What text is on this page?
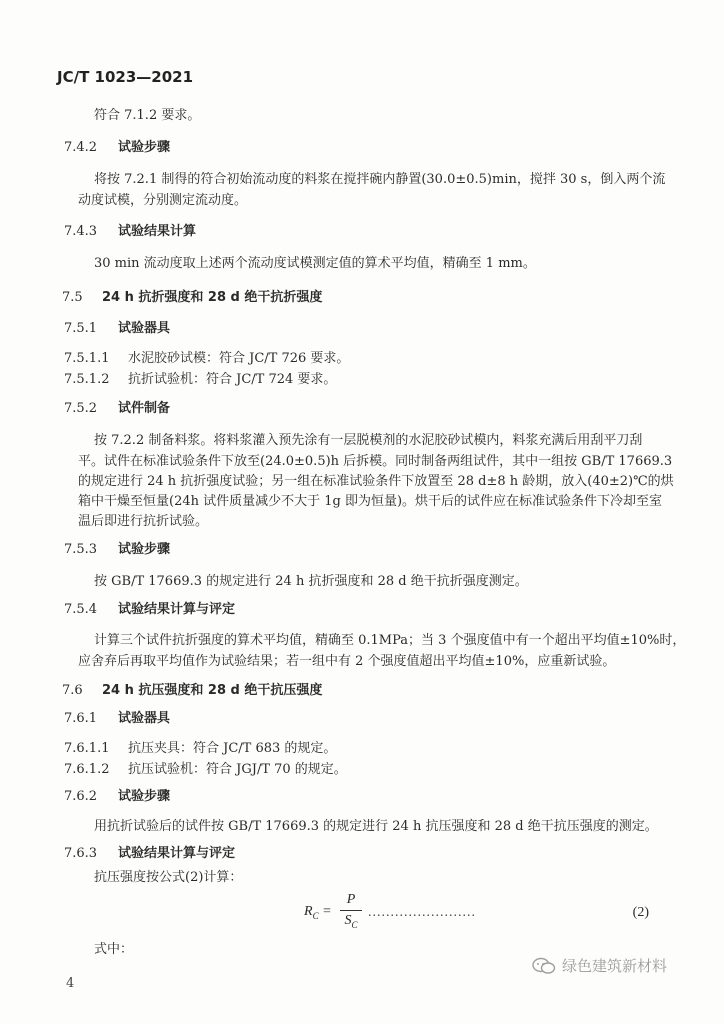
JC/T 1023—2021
符合 7.1.2 要求。
7.4.2 试验步骤
将按 7.2.1 制得的符合初始流动度的料浆在搅拌碗内静置(30.0±0.5)min，搅拌 30 s，倒入两个流
动度试模，分别测定流动度。
7.4.3 试验结果计算
30 min 流动度取上述两个流动度试模测定值的算术平均值，精确至 1 mm。
7.5 24 h 抗折强度和 28 d 绝干抗折强度
7.5.1 试验器具
7.5.1.1 水泥胶砂试模：符合 JC/T 726 要求。
7.5.1.2 抗折试验机：符合 JC/T 724 要求。
7.5.2 试件制备
按 7.2.2 制备料浆。将料浆灌入预先涂有一层脱模剂的水泥胶砂试模内，料浆充满后用刮平刀刮
平。试件在标准试验条件下放至(24.0±0.5)h 后拆模。同时制备两组试件，其中一组按 GB/T 17669.3
的规定进行 24 h 抗折强度试验；另一组在标准试验条件下放置至 28 d±8 h 龄期，放入(40±2)℃的烘
箱中干燥至恒量(24h 试件质量减少不大于 1g 即为恒量)。烘干后的试件应在标准试验条件下冷却至室
温后即进行抗折试验。
7.5.3 试验步骤
按 GB/T 17669.3 的规定进行 24 h 抗折强度和 28 d 绝干抗折强度测定。
7.5.4 试验结果计算与评定
计算三个试件抗折强度的算术平均值，精确至 0.1MPa；当 3 个强度值中有一个超出平均值±10%时，
应舍弃后再取平均值作为试验结果；若一组中有 2 个强度值超出平均值±10%，应重新试验。
7.6 24 h 抗压强度和 28 d 绝干抗压强度
7.6.1 试验器具
7.6.1.1 抗压夹具：符合 JC/T 683 的规定。
7.6.1.2 抗压试验机：符合 JGJ/T 70 的规定。
7.6.2 试验步骤
用抗折试验后的试件按 GB/T 17669.3 的规定进行 24 h 抗压强度和 28 d 绝干抗压强度的测定。
7.6.3 试验结果计算与评定
抗压强度按公式(2)计算：
$R_C$ =
P
$S_C$
........................	(2)
式中：
4
绿色建筑新材料
